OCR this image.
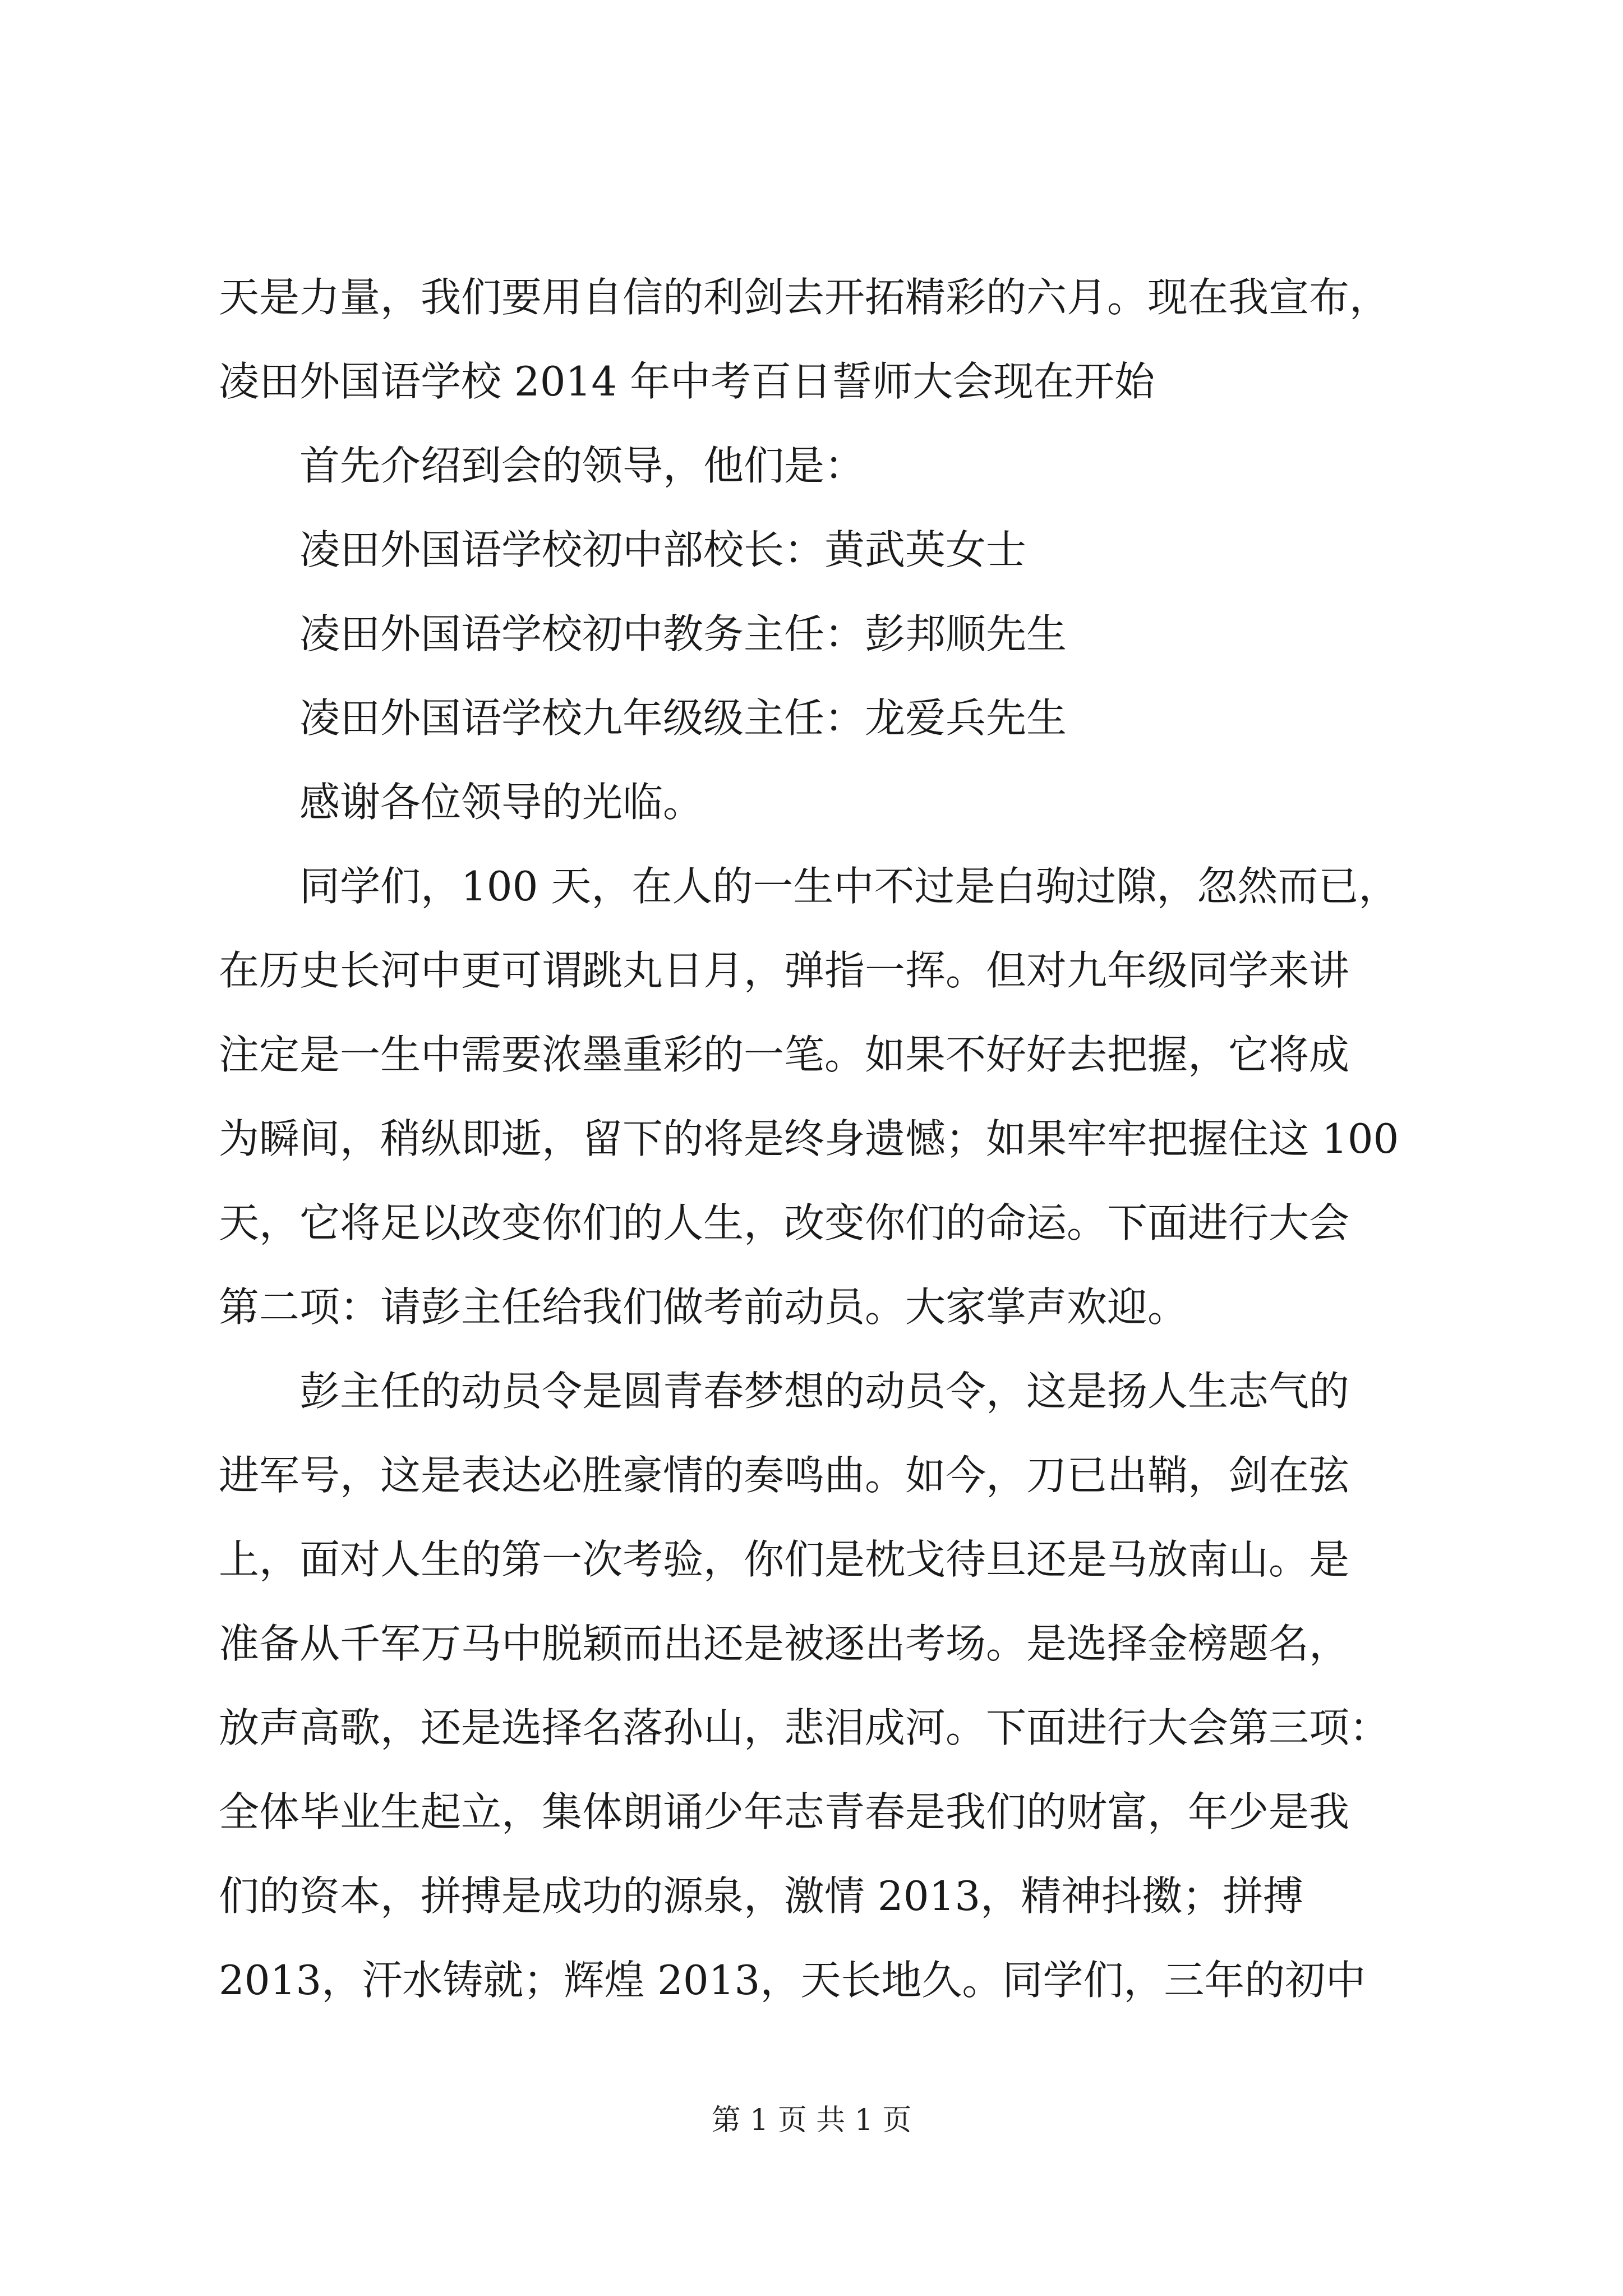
天是力量，我们要用自信的利剑去开拓精彩的六月。现在我宣布，
凌田外国语学校 2014 年中考百日誓师大会现在开始
首先介绍到会的领导，他们是：
凌田外国语学校初中部校长：黄武英女士
凌田外国语学校初中教务主任：彭邦顺先生
凌田外国语学校九年级级主任：龙爱兵先生
感谢各位领导的光临。
同学们，100 天，在人的一生中不过是白驹过隙，忽然而已，
在历史长河中更可谓跳丸日月，弹指一挥。但对九年级同学来讲
注定是一生中需要浓墨重彩的一笔。如果不好好去把握，它将成
为瞬间，稍纵即逝，留下的将是终身遗憾；如果牢牢把握住这 100
天，它将足以改变你们的人生，改变你们的命运。下面进行大会
第二项：请彭主任给我们做考前动员。大家掌声欢迎。
彭主任的动员令是圆青春梦想的动员令，这是扬人生志气的
进军号，这是表达必胜豪情的奏鸣曲。如今，刀已出鞘，剑在弦
上，面对人生的第一次考验，你们是枕戈待旦还是马放南山。是
准备从千军万马中脱颖而出还是被逐出考场。是选择金榜题名，
放声高歌，还是选择名落孙山，悲泪成河。下面进行大会第三项：
全体毕业生起立，集体朗诵少年志青春是我们的财富，年少是我
们的资本，拼搏是成功的源泉，激情 2013，精神抖擞；拼搏
2013，汗水铸就；辉煌 2013，天长地久。同学们，三年的初中
第 1 页 共 1 页
